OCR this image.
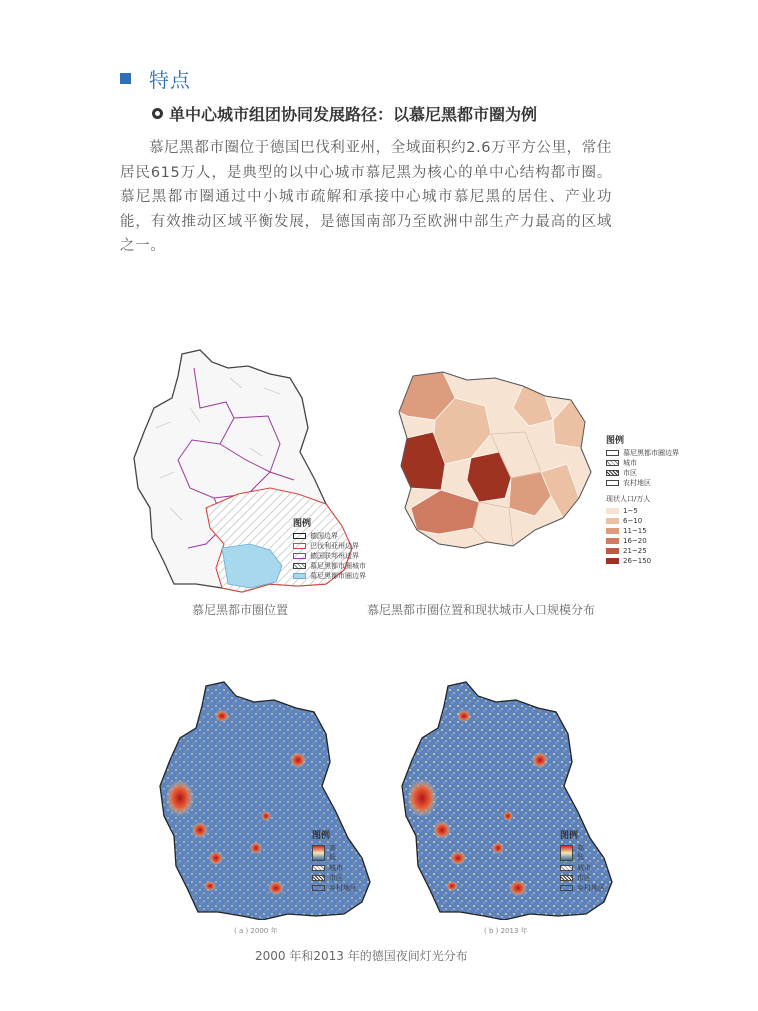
特点
单中心城市组团协同发展路径：以慕尼黑都市圈为例

慕尼黑都市圈位于德国巴伐利亚州，全域面积约2.6万平方公里，常住居民615万人，是典型的以中心城市慕尼黑为核心的单中心结构都市圈。慕尼黑都市圈通过中小城市疏解和承接中心城市慕尼黑的居住、产业功能，有效推动区域平衡发展，是德国南部乃至欧洲中部生产力最高的区域之一。

图例
德国边界
巴伐利亚州边界
德国联邦州边界
慕尼黑都市圈城市
慕尼黑都市圈边界
慕尼黑都市圈位置
图例
慕尼黑都市圈边界
城市
市区
农村地区
现状人口/万人
1~5
6~10
11~15
16~20
21~25
26~150
慕尼黑都市圈位置和现状城市人口规模分布
图例
高
低
城市
市区
乡村地区
( a ) 2000 年
图例
高
低
城市
市区
乡村地区
( b ) 2013 年
2000 年和2013 年的德国夜间灯光分布
